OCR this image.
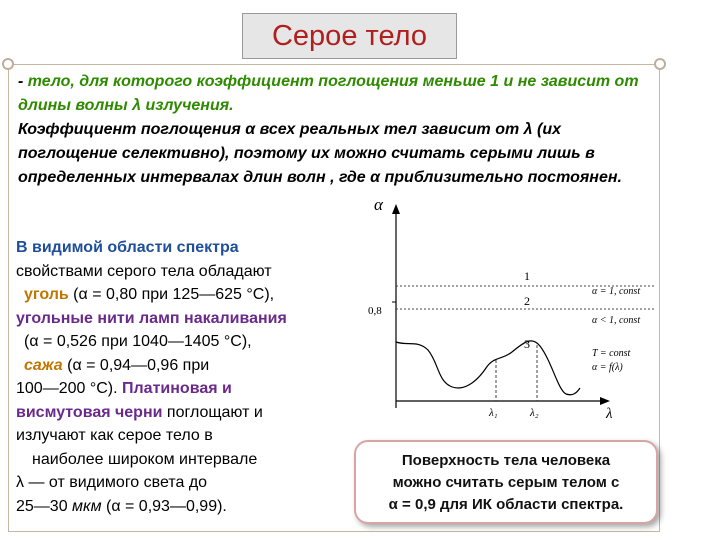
Серое тело
- тело, для которого коэффициент поглощения меньше 1 и не зависит от длины волны λ излучения.
Коэффициент поглощения α всех реальных тел зависит от λ (их поглощение селективно), поэтому их можно считать серыми лишь в определенных интервалах длин волн , где α приблизительно постоянен.
В видимой области спектра
свойствами серого тела обладают
уголь (α = 0,80 при 125—625 °С),
угольные нити ламп накаливания
(α = 0,526 при 1040—1405 °С),
сажа (α = 0,94—0,96 при
100—200 °С). Платиновая и
висмутовая черни поглощают и
излучают как серое тело в
наиболее широком интервале
λ — от видимого света до
25—30 мкм (α = 0,93—0,99).
α
λ
0,8
λ₁	λ₂
1
2
3
α = 1, const
α < 1, const
T = const
α = f(λ)
Поверхность тела человека
можно считать серым телом с
α = 0,9 для ИК области спектра.
